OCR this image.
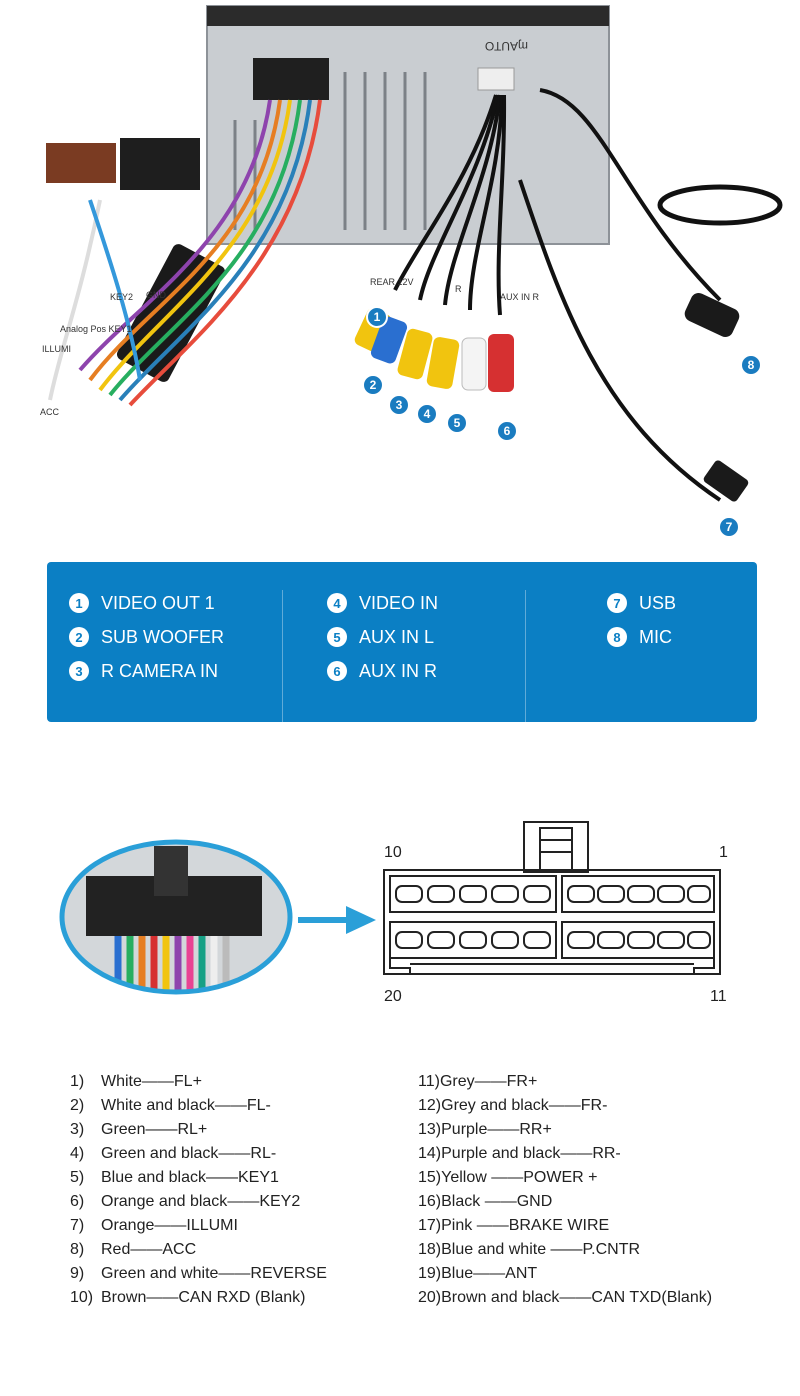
ɱAUTO
ACC
ILLUMI
Analog Pos KEY1
KEY2 GND
REAR 12V
R
AUX IN R
1
2
3
4
5
6
7
8
1	VIDEO OUT 1
2	SUB WOOFER
3	R CAMERA IN
4	VIDEO IN
5	AUX IN L
6	AUX IN R
7	USB
8	MIC
10	1
20	11
1)	White —— FL+
2)	White and black —— FL-
3)	Green —— RL+
4)	Green and black —— RL-
5)	Blue and black —— KEY1
6)	Orange and black —— KEY2
7)	Orange —— ILLUMI
8)	Red —— ACC
9)	Green and white —— REVERSE
10) Brown —— CAN RXD (Blank)
11) Grey —— FR+
12) Grey and black —— FR-
13) Purple —— RR+
14) Purple and black —— RR-
15) Yellow —— POWER +
16) Black —— GND
17) Pink —— BRAKE WIRE
18) Blue and white —— P.CNTR
19) Blue —— ANT
20) Brown and black —— CAN TXD(Blank)
